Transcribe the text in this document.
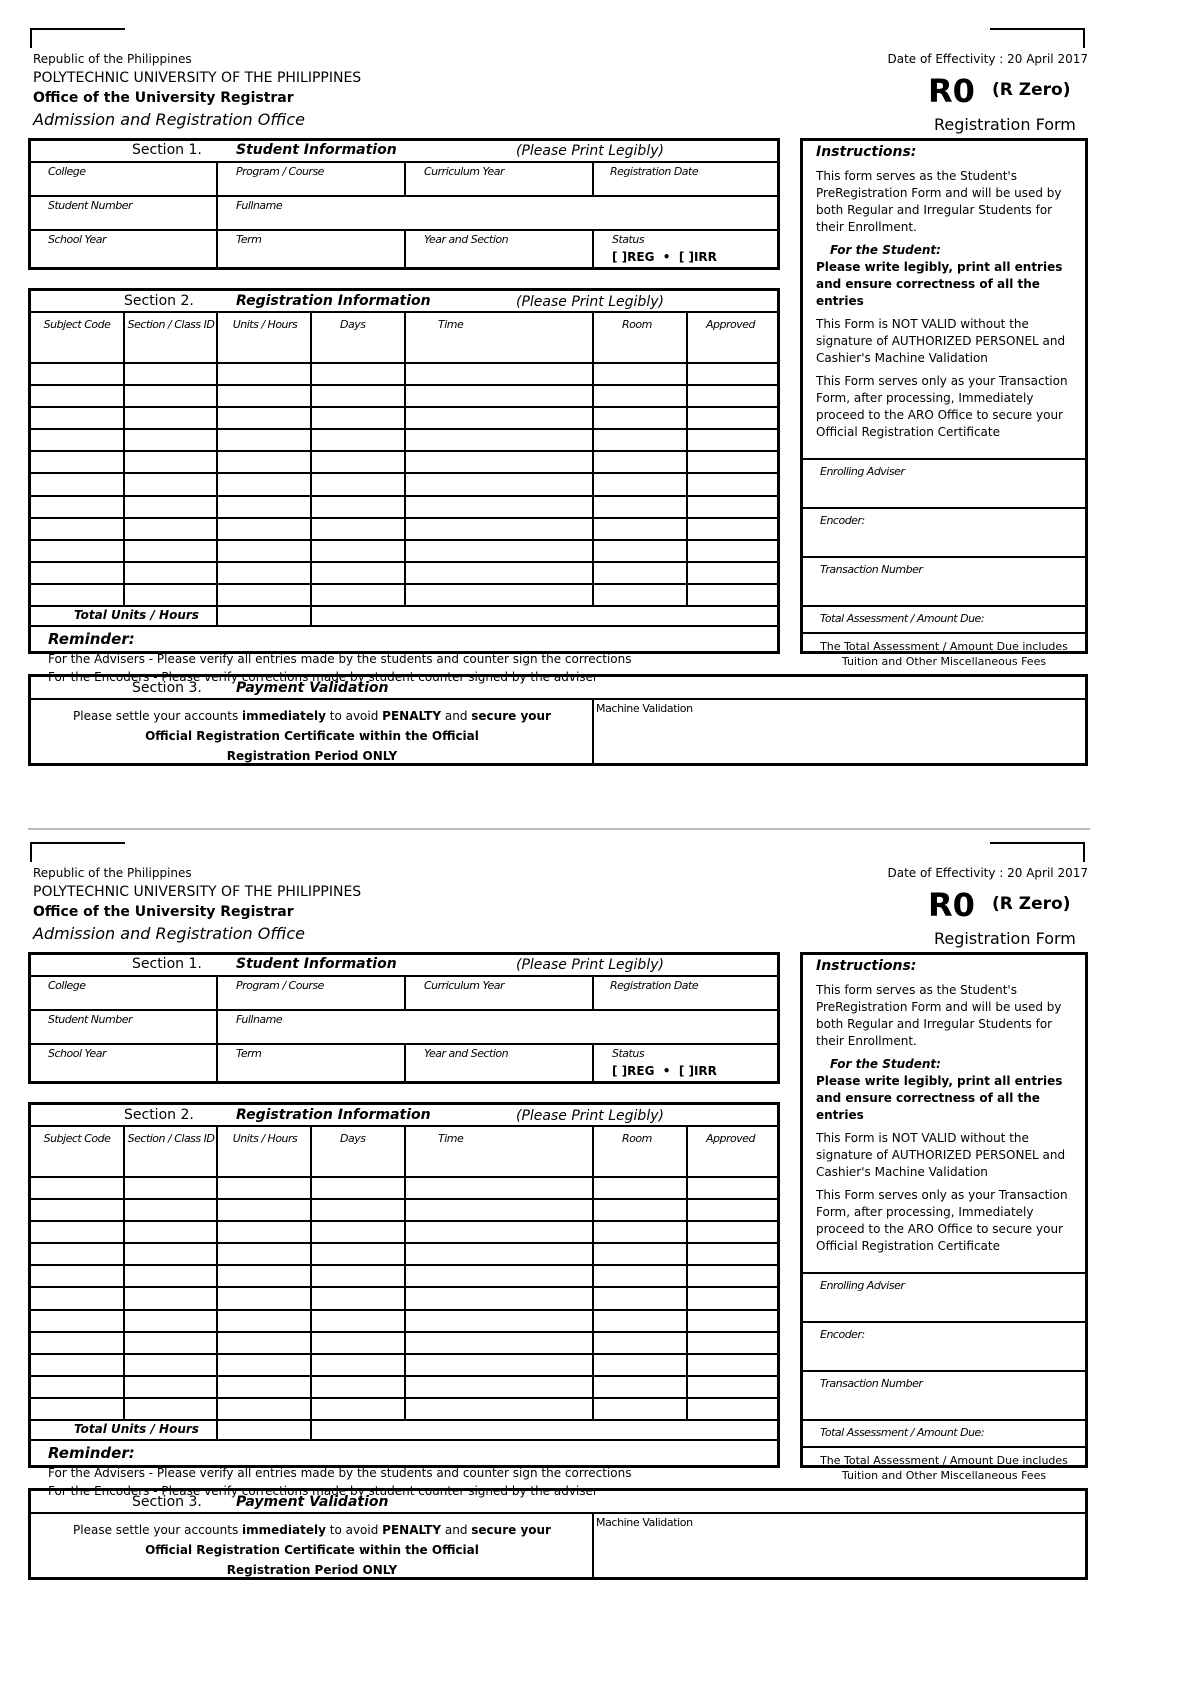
Republic of the Philippines
POLYTECHNIC UNIVERSITY OF THE PHILIPPINES
Office of the University Registrar
Admission and Registration Office
Date of Effectivity : 20 April 2017
R0 (R Zero)
Registration Form
Section 1. Student Information	(Please Print Legibly)
College	Program / Course	Curriculum Year	Registration Date
Student Number	Fullname
School Year	Term	Year and Section	Status
[ ]REG  •  [ ]IRR
Section 2.	Registration Information	(Please Print Legibly)
Subject Code	Section / Class ID	Units / Hours	Days	Time	Room	Approved
Total Units / Hours
Reminder:
For the Advisers - Please verify all entries made by the students and counter sign the corrections
For the Encoders - Please verify corrections made by student counter signed by the adviser
Instructions:

This form serves as the Student's PreRegistration Form and will be used by both Regular and Irregular Students for their Enrollment.

For the Student:

Please write legibly, print all entries and ensure correctness of all the entries

This Form is NOT VALID without the signature of AUTHORIZED PERSONEL and Cashier's Machine Validation

This Form serves only as your Transaction Form, after processing, Immediately proceed to the ARO Office to secure your Official Registration Certificate

Enrolling Adviser
Encoder:
Transaction Number
Total Assessment / Amount Due:
The Total Assessment / Amount Due includes Tuition and Other Miscellaneous Fees
Section 3. Payment Validation
Please settle your accounts immediately to avoid PENALTY and secure your
Official Registration Certificate within the Official
Registration Period ONLY
Machine Validation
Republic of the Philippines
POLYTECHNIC UNIVERSITY OF THE PHILIPPINES
Office of the University Registrar
Admission and Registration Office
Date of Effectivity : 20 April 2017
R0 (R Zero)
Registration Form
Section 1. Student Information	(Please Print Legibly)
College	Program / Course	Curriculum Year	Registration Date
Student Number	Fullname
School Year	Term	Year and Section	Status
[ ]REG  •  [ ]IRR
Section 2.	Registration Information	(Please Print Legibly)
Subject Code	Section / Class ID	Units / Hours	Days	Time	Room	Approved
Total Units / Hours
Reminder:
For the Advisers - Please verify all entries made by the students and counter sign the corrections
For the Encoders - Please verify corrections made by student counter signed by the adviser
Instructions:

This form serves as the Student's PreRegistration Form and will be used by both Regular and Irregular Students for their Enrollment.

For the Student:

Please write legibly, print all entries and ensure correctness of all the entries

This Form is NOT VALID without the signature of AUTHORIZED PERSONEL and Cashier's Machine Validation

This Form serves only as your Transaction Form, after processing, Immediately proceed to the ARO Office to secure your Official Registration Certificate

Enrolling Adviser
Encoder:
Transaction Number
Total Assessment / Amount Due:
The Total Assessment / Amount Due includes Tuition and Other Miscellaneous Fees
Section 3. Payment Validation
Please settle your accounts immediately to avoid PENALTY and secure your
Official Registration Certificate within the Official
Registration Period ONLY
Machine Validation
